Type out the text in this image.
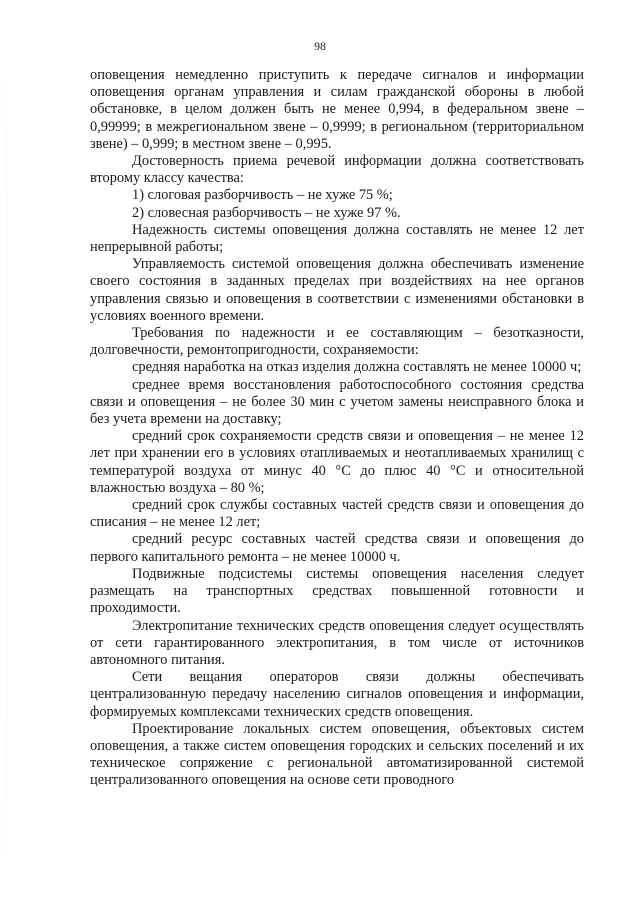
98

оповещения немедленно приступить к передаче сигналов и информации оповещения органам управления и силам гражданской обороны в любой обстановке, в целом должен быть не менее 0,994, в федеральном звене – 0,99999; в межрегиональном звене – 0,9999; в региональном (территориальном звене) – 0,999; в местном звене – 0,995.

Достоверность приема речевой информации должна соответствовать второму классу качества:

1) слоговая разборчивость – не хуже 75 %;

2) словесная разборчивость – не хуже 97 %.

Надежность системы оповещения должна составлять не менее 12 лет непрерывной работы;

Управляемость системой оповещения должна обеспечивать изменение своего состояния в заданных пределах при воздействиях на нее органов управления связью и оповещения в соответствии с изменениями обстановки в условиях военного времени.

Требования по надежности и ее составляющим – безотказности, долговечности, ремонтопригодности, сохраняемости:

средняя наработка на отказ изделия должна составлять не менее 10000 ч;

среднее время восстановления работоспособного состояния средства связи и оповещения – не более 30 мин с учетом замены неисправного блока и без учета времени на доставку;

средний срок сохраняемости средств связи и оповещения – не менее 12 лет при хранении его в условиях отапливаемых и неотапливаемых хранилищ с температурой воздуха от минус 40 °С до плюс 40 °С и относительной влажностью воздуха – 80 %;

средний срок службы составных частей средств связи и оповещения до списания – не менее 12 лет;

средний ресурс составных частей средства связи и оповещения до первого капитального ремонта – не менее 10000 ч.

Подвижные подсистемы системы оповещения населения следует размещать на транспортных средствах повышенной готовности и проходимости.

Электропитание технических средств оповещения следует осуществлять от сети гарантированного электропитания, в том числе от источников автономного питания.

Сети вещания операторов связи должны обеспечивать централизованную передачу населению сигналов оповещения и информации, формируемых комплексами технических средств оповещения.

Проектирование локальных систем оповещения, объектовых систем оповещения, а также систем оповещения городских и сельских поселений и их техническое сопряжение с региональной автоматизированной системой централизованного оповещения на основе сети проводного
